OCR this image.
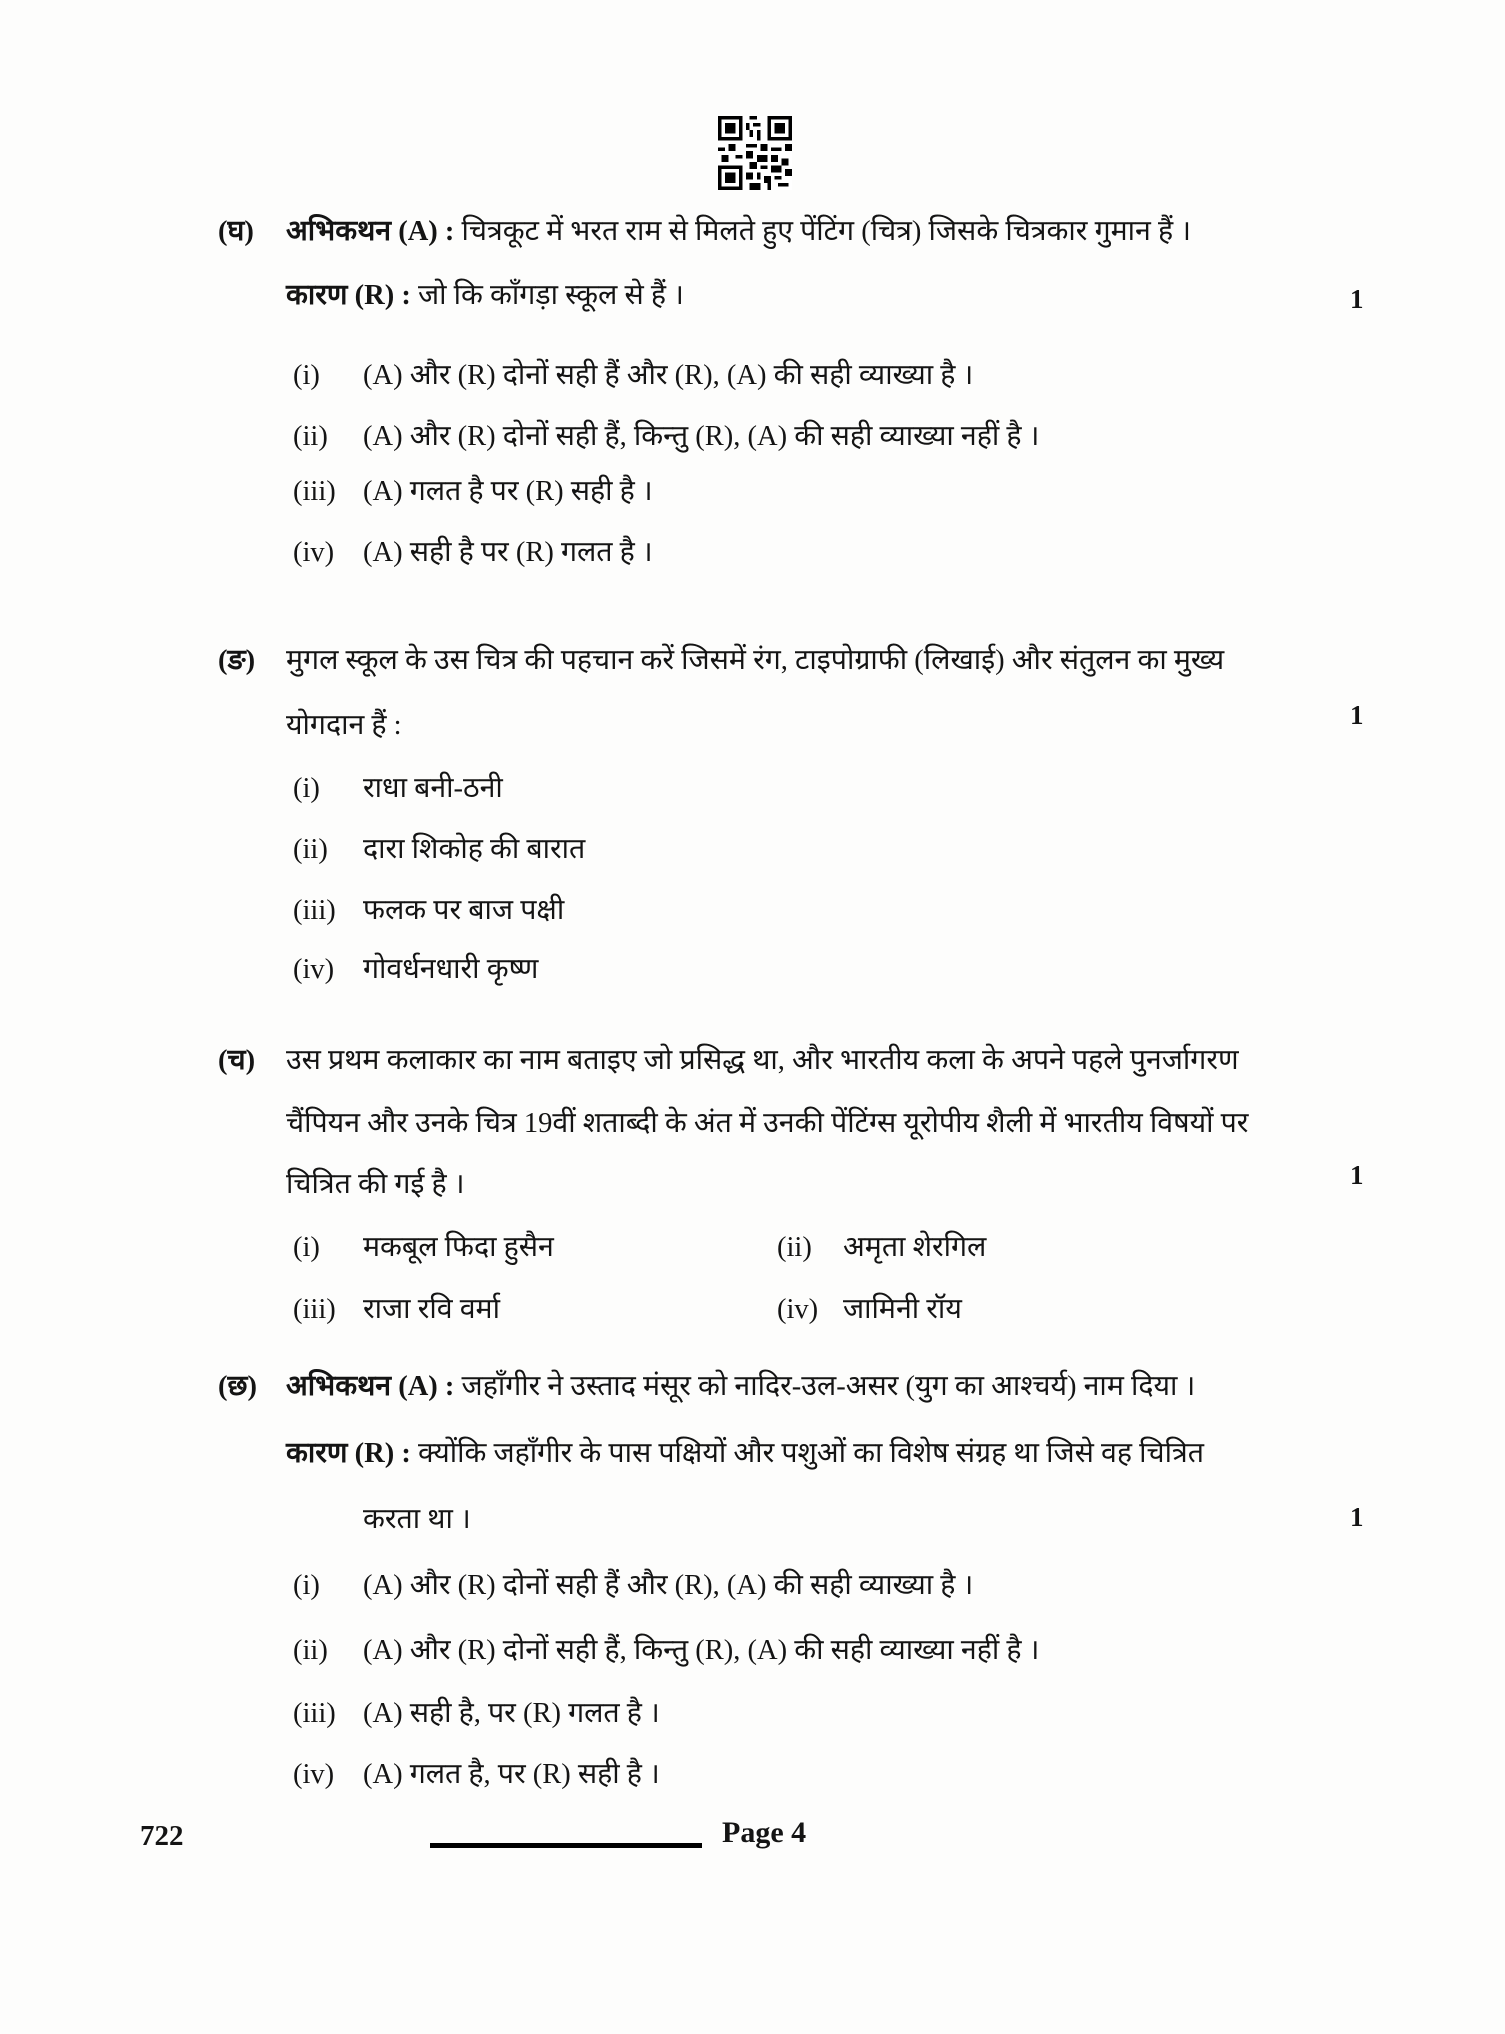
(घ) अभिकथन (A) : चित्रकूट में भरत राम से मिलते हुए पेंटिंग (चित्र) जिसके चित्रकार गुमान हैं ।
कारण (R) : जो कि काँगड़ा स्कूल से हैं ।	1
(i) (A) और (R) दोनों सही हैं और (R), (A) की सही व्याख्या है ।
(ii) (A) और (R) दोनों सही हैं, किन्तु (R), (A) की सही व्याख्या नहीं है ।
(iii) (A) गलत है पर (R) सही है ।
(iv) (A) सही है पर (R) गलत है ।
(ङ) मुगल स्कूल के उस चित्र की पहचान करें जिसमें रंग, टाइपोग्राफी (लिखाई) और संतुलन का मुख्य
योगदान हैं :	1
(i) राधा बनी-ठनी
(ii) दारा शिकोह की बारात
(iii) फलक पर बाज पक्षी
(iv) गोवर्धनधारी कृष्ण
(च) उस प्रथम कलाकार का नाम बताइए जो प्रसिद्ध था, और भारतीय कला के अपने पहले पुनर्जागरण
चैंपियन और उनके चित्र 19वीं शताब्दी के अंत में उनकी पेंटिंग्स यूरोपीय शैली में भारतीय विषयों पर
चित्रित की गई है ।	1
(i) मकबूल फिदा हुसैन	(ii) अमृता शेरगिल
(iii) राजा रवि वर्मा	(iv) जामिनी रॉय
(छ) अभिकथन (A) : जहाँगीर ने उस्ताद मंसूर को नादिर-उल-असर (युग का आश्चर्य) नाम दिया ।
कारण (R) : क्योंकि जहाँगीर के पास पक्षियों और पशुओं का विशेष संग्रह था जिसे वह चित्रित
करता था ।	1
(i) (A) और (R) दोनों सही हैं और (R), (A) की सही व्याख्या है ।
(ii) (A) और (R) दोनों सही हैं, किन्तु (R), (A) की सही व्याख्या नहीं है ।
(iii) (A) सही है, पर (R) गलत है ।
(iv) (A) गलत है, पर (R) सही है ।
722	Page 4
